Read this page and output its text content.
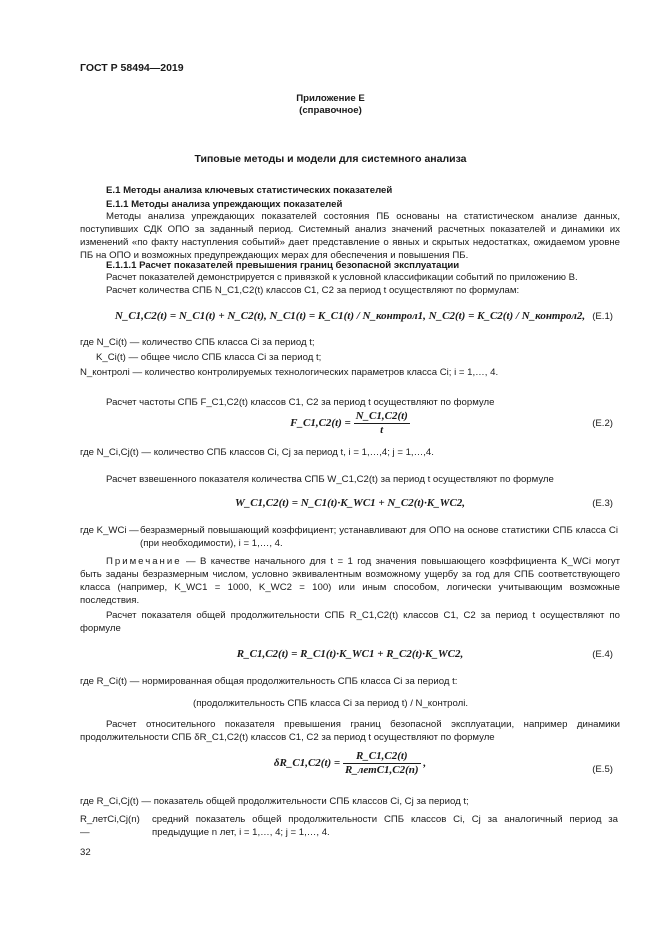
ГОСТ Р 58494—2019
Приложение Е
(справочное)
Типовые методы и модели для системного анализа
Е.1 Методы анализа ключевых статистических показателей
Е.1.1 Методы анализа упреждающих показателей
Методы анализа упреждающих показателей состояния ПБ основаны на статистическом анализе данных, поступивших СДК ОПО за заданный период. Системный анализ значений расчетных показателей и динамики их изменений «по факту наступления событий» дает представление о явных и скрытых недостатках, ожидаемом уровне ПБ на ОПО и возможных предупреждающих мерах для обеспечения и повышения ПБ.
Е.1.1.1 Расчет показателей превышения границ безопасной эксплуатации
Расчет показателей демонстрируется с привязкой к условной классификации событий по приложению В.
Расчет количества СПБ N_C1,C2(t) классов С1, С2 за период t осуществляют по формулам:
N_C1,C2(t) = N_C1(t) + N_C2(t), N_C1(t) = K_C1(t) / N_контрол1, N_C2(t) = K_C2(t) / N_контрол2, (Е.1)
где N_Ci(t) — количество СПБ класса Сi за период t;
K_Ci(t) — общее число СПБ класса Сi за период t;
N_контролi — количество контролируемых технологических параметров класса Сi; i = 1,…, 4.
Расчет частоты СПБ F_C1,C2(t) классов С1, С2 за период t осуществляют по формуле
F_C1,C2(t) = $\frac{N\_C1,C2(t)}{t}$	(Е.2)
где N_Ci,Cj(t) — количество СПБ классов Сi, Сj за период t, i = 1,…,4; j = 1,…,4.
Расчет взвешенного показателя количества СПБ W_C1,C2(t) за период t осуществляют по формуле
W_C1,C2(t) = N_C1(t)·K_WC1 + N_C2(t)·K_WC2,	(Е.3)
где K_WCi —безразмерный повышающий коэффициент; устанавливают для ОПО на основе статистики СПБ класса Сi (при необходимости), i = 1,…, 4.
Примечание — В качестве начального для t = 1 год значения повышающего коэффициента K_WCi могут быть заданы безразмерным числом, условно эквивалентным возможному ущербу за год для СПБ соответствующего класса (например, K_WC1 = 1000, K_WC2 = 100) или иным способом, логически учитывающим возможные последствия.
Расчет показателя общей продолжительности СПБ R_C1,C2(t) классов С1, С2 за период t осуществляют по формуле
R_C1,C2(t) = R_C1(t)·K_WC1 + R_C2(t)·K_WC2,	(Е.4)
где R_Ci(t) — нормированная общая продолжительность СПБ класса Сi за период t:
(продолжительность СПБ класса Сi за период t) / N_контролi.
Расчет относительного показателя превышения границ безопасной эксплуатации, например динамики продолжительности СПБ δR_C1,C2(t) классов С1, С2 за период t осуществляют по формуле
δR_C1,C2(t) = $\frac{R\_C1,C2(t)}{\text{R\_летС1,С2(n)}}$ ,
(Е.5)
где R_Ci,Cj(t) — показатель общей продолжительности СПБ классов Сi, Сj за период t;
R_летCi,Cj(n) —средний показатель общей продолжительности СПБ классов Сi, Сj за аналогичный период за предыдущие n лет, i = 1,…, 4; j = 1,…, 4.
32
